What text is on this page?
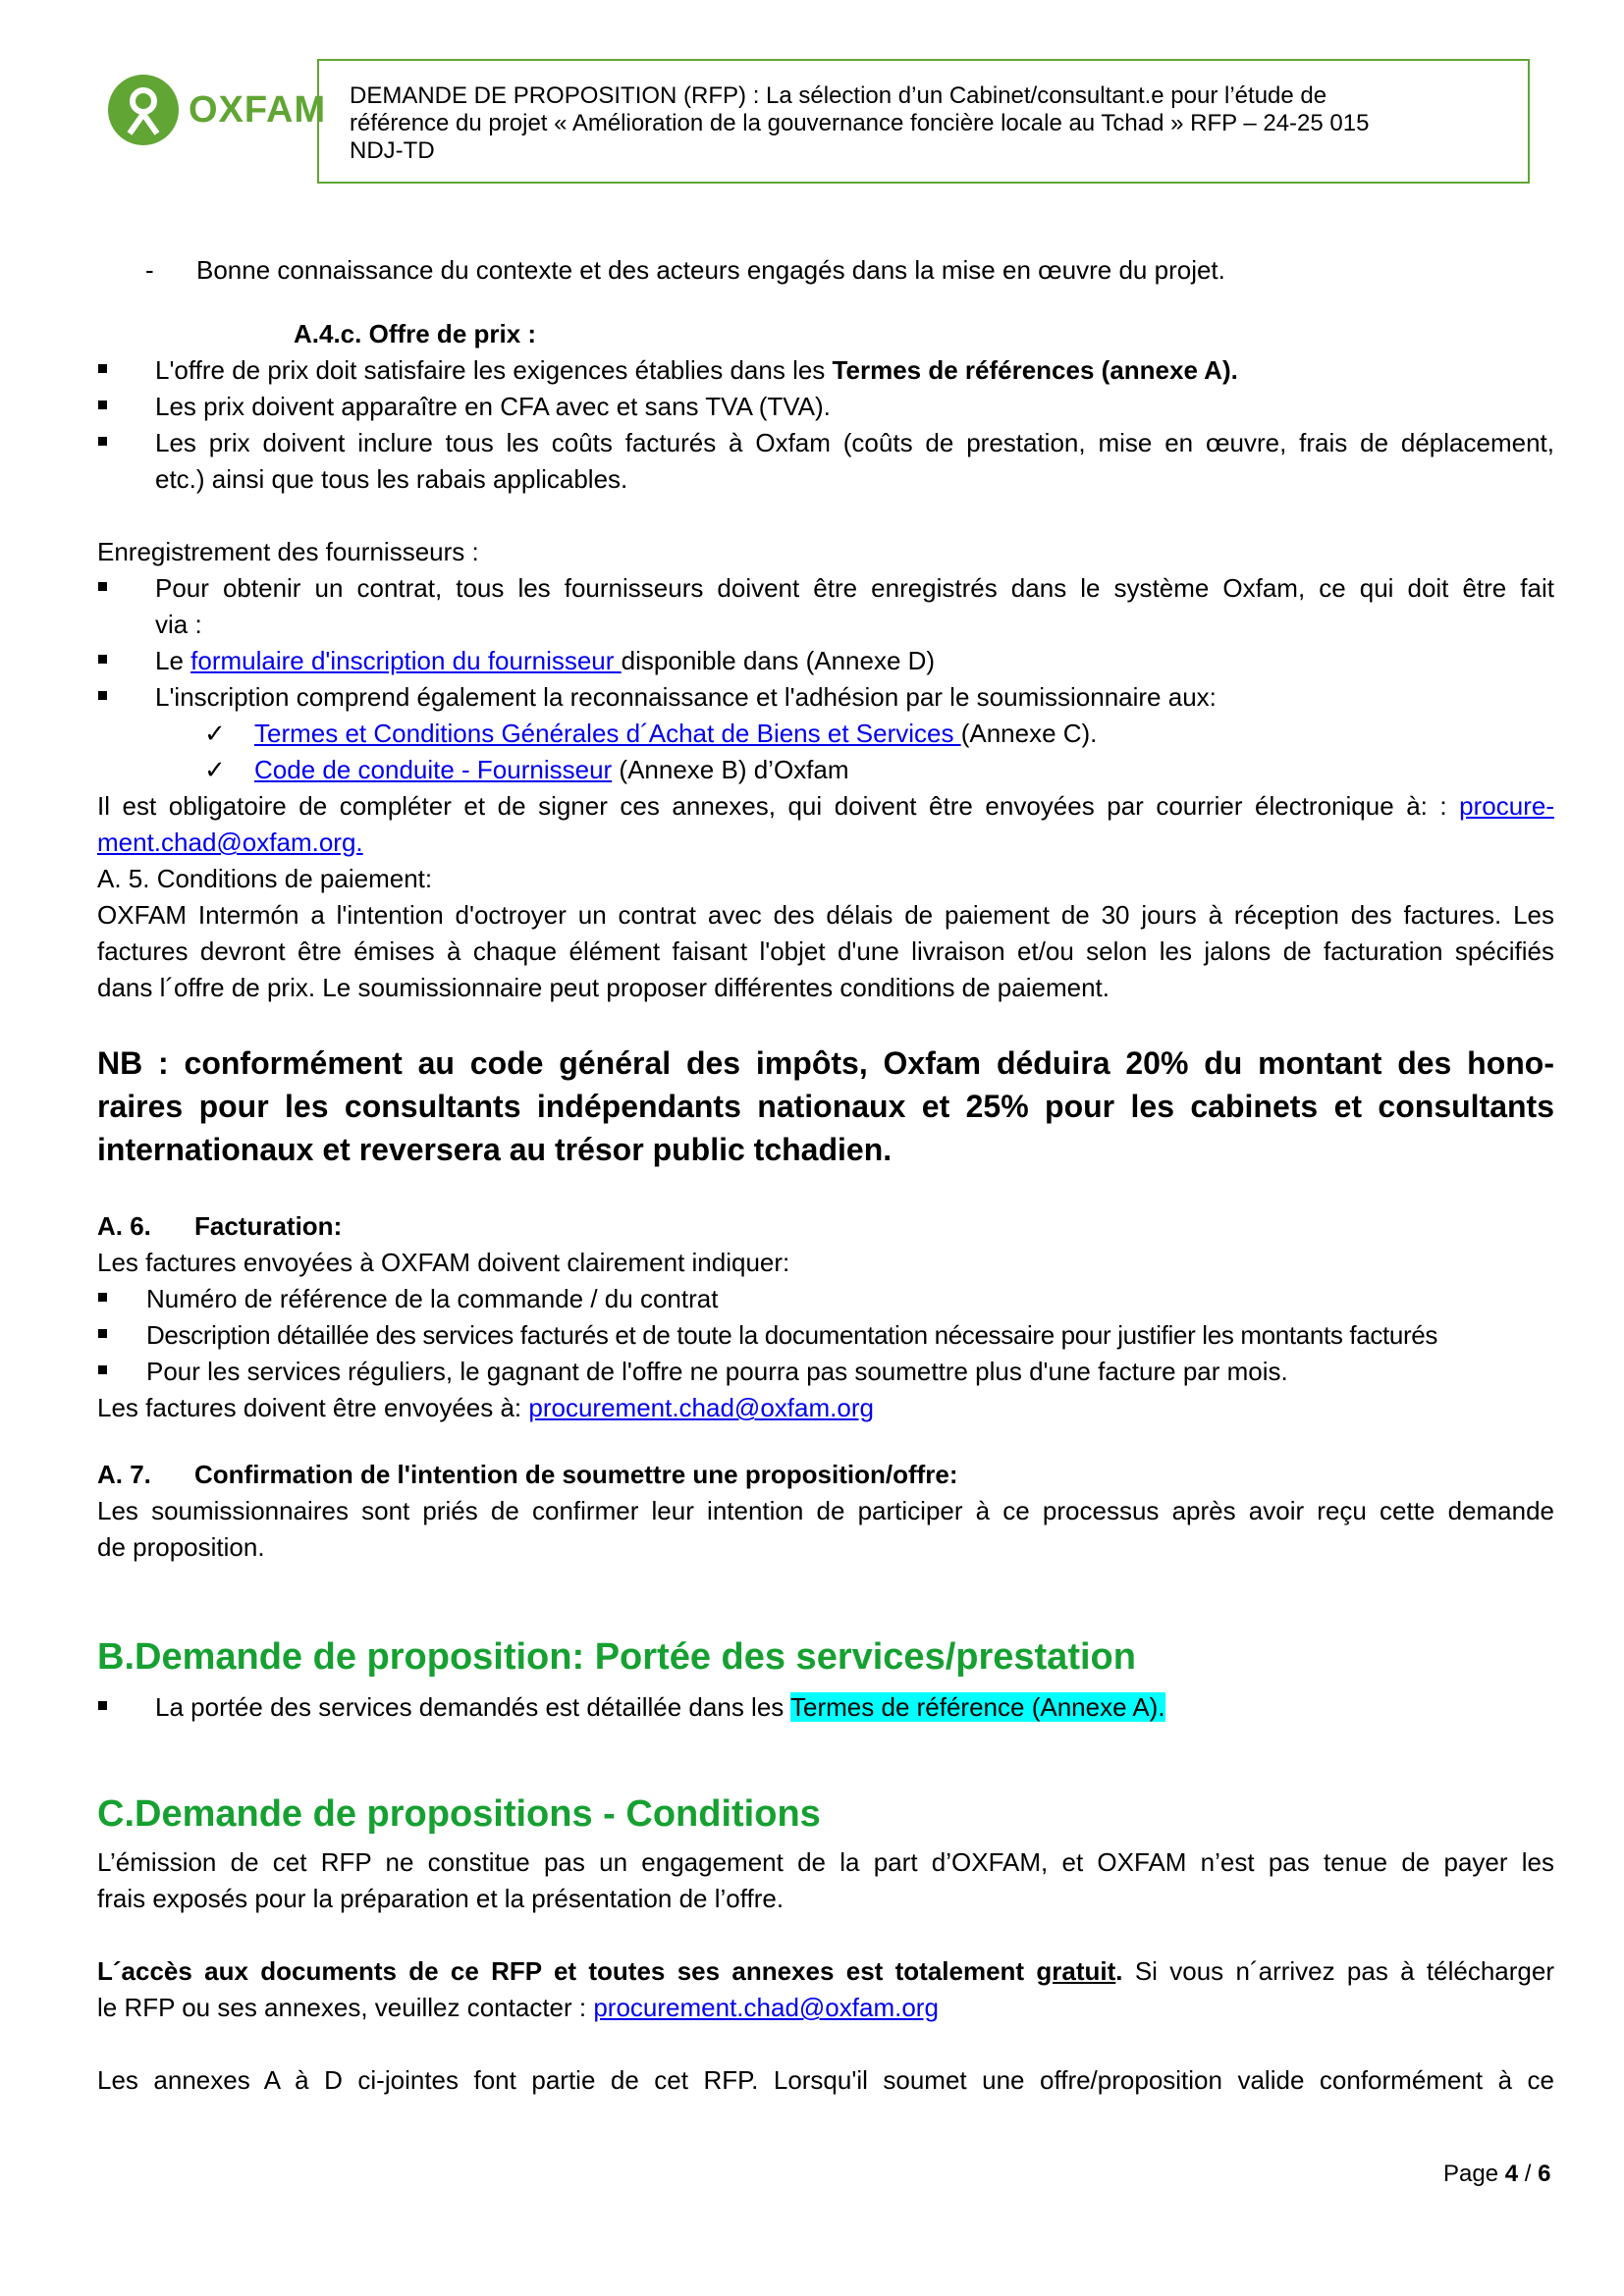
OXFAM DEMANDE DE PROPOSITION (RFP) : La sélection d’un Cabinet/consultant.e pour l’étude de
référence du projet « Amélioration de la gouvernance foncière locale au Tchad » RFP – 24-25 015
NDJ-TD
- Bonne connaissance du contexte et des acteurs engagés dans la mise en œuvre du projet.
A.4.c. Offre de prix :
L'offre de prix doit satisfaire les exigences établies dans les Termes de références (annexe A).
Les prix doivent apparaître en CFA avec et sans TVA (TVA).
Les prix doivent inclure tous les coûts facturés à Oxfam (coûts de prestation, mise en œuvre, frais de déplacement,
etc.) ainsi que tous les rabais applicables.
Enregistrement des fournisseurs :
Pour obtenir un contrat, tous les fournisseurs doivent être enregistrés dans le système Oxfam, ce qui doit être fait
via :
Le formulaire d'inscription du fournisseur disponible dans (Annexe D)
L'inscription comprend également la reconnaissance et l'adhésion par le soumissionnaire aux:
✓ Termes et Conditions Générales d´Achat de Biens et Services (Annexe C).
✓ Code de conduite - Fournisseur (Annexe B) d’Oxfam
Il est obligatoire de compléter et de signer ces annexes, qui doivent être envoyées par courrier électronique à: : procure-
ment.chad@oxfam.org.
A. 5. Conditions de paiement:
OXFAM Intermón a l'intention d'octroyer un contrat avec des délais de paiement de 30 jours à réception des factures. Les
factures devront être émises à chaque élément faisant l'objet d'une livraison et/ou selon les jalons de facturation spécifiés
dans l´offre de prix. Le soumissionnaire peut proposer différentes conditions de paiement.
NB : conformément au code général des impôts, Oxfam déduira 20% du montant des hono-
raires pour les consultants indépendants nationaux et 25% pour les cabinets et consultants
internationaux et reversera au trésor public tchadien.
A. 6. Facturation:
Les factures envoyées à OXFAM doivent clairement indiquer:
Numéro de référence de la commande / du contrat
Description détaillée des services facturés et de toute la documentation nécessaire pour justifier les montants facturés
Pour les services réguliers, le gagnant de l'offre ne pourra pas soumettre plus d'une facture par mois.
Les factures doivent être envoyées à: procurement.chad@oxfam.org
A. 7. Confirmation de l'intention de soumettre une proposition/offre:
Les soumissionnaires sont priés de confirmer leur intention de participer à ce processus après avoir reçu cette demande
de proposition.
B.Demande de proposition: Portée des services/prestation
La portée des services demandés est détaillée dans les Termes de référence (Annexe A).
C.Demande de propositions - Conditions
L’émission de cet RFP ne constitue pas un engagement de la part d’OXFAM, et OXFAM n’est pas tenue de payer les
frais exposés pour la préparation et la présentation de l’offre.
L´accès aux documents de ce RFP et toutes ses annexes est totalement gratuit. Si vous n´arrivez pas à télécharger
le RFP ou ses annexes, veuillez contacter : procurement.chad@oxfam.org
Les annexes A à D ci-jointes font partie de cet RFP. Lorsqu'il soumet une offre/proposition valide conformément à ce
Page 4 / 6
